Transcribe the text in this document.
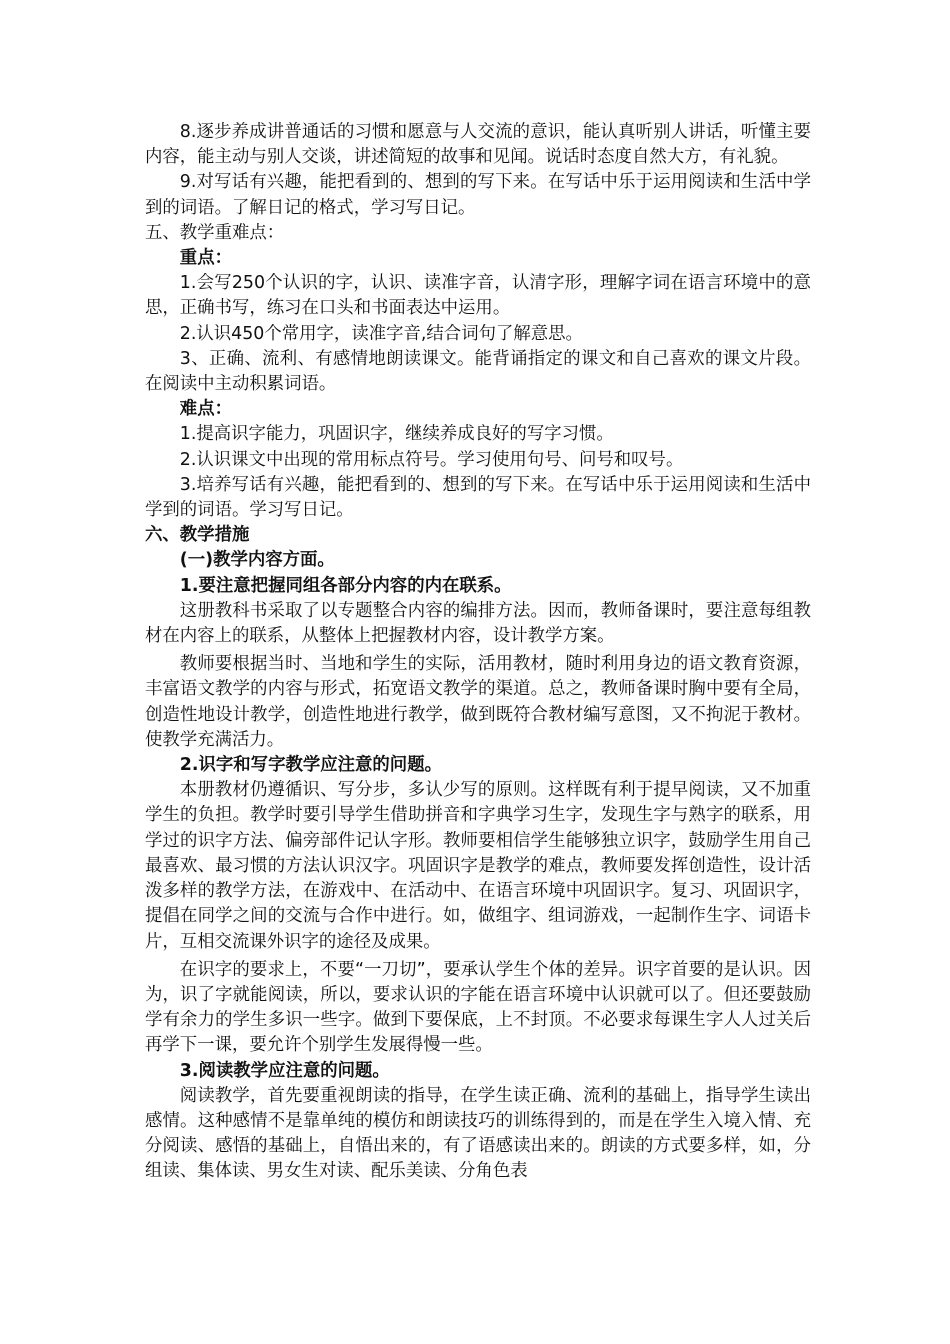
8.逐步养成讲普通话的习惯和愿意与人交流的意识，能认真听别人讲话，听懂主要内容，能主动与别人交谈，讲述简短的故事和见闻。说话时态度自然大方，有礼貌。

9.对写话有兴趣，能把看到的、想到的写下来。在写话中乐于运用阅读和生活中学到的词语。了解日记的格式，学习写日记。

五、教学重难点：

重点：

1.会写250个认识的字，认识、读准字音，认清字形，理解字词在语言环境中的意思，正确书写，练习在口头和书面表达中运用。

2.认识450个常用字，读准字音,结合词句了解意思。

3、正确、流利、有感情地朗读课文。能背诵指定的课文和自己喜欢的课文片段。在阅读中主动积累词语。

难点：

1.提高识字能力，巩固识字，继续养成良好的写字习惯。

2.认识课文中出现的常用标点符号。学习使用句号、问号和叹号。

3.培养写话有兴趣，能把看到的、想到的写下来。在写话中乐于运用阅读和生活中学到的词语。学习写日记。

六、教学措施

(一)教学内容方面。

1.要注意把握同组各部分内容的内在联系。

这册教科书采取了以专题整合内容的编排方法。因而，教师备课时，要注意每组教材在内容上的联系，从整体上把握教材内容，设计教学方案。

教师要根据当时、当地和学生的实际，活用教材，随时利用身边的语文教育资源，丰富语文教学的内容与形式，拓宽语文教学的渠道。总之，教师备课时胸中要有全局，创造性地设计教学，创造性地进行教学，做到既符合教材编写意图，又不拘泥于教材。使教学充满活力。

2.识字和写字教学应注意的问题。

本册教材仍遵循识、写分步，多认少写的原则。这样既有利于提早阅读，又不加重学生的负担。教学时要引导学生借助拼音和字典学习生字，发现生字与熟字的联系，用学过的识字方法、偏旁部件记认字形。教师要相信学生能够独立识字，鼓励学生用自己最喜欢、最习惯的方法认识汉字。巩固识字是教学的难点，教师要发挥创造性，设计活泼多样的教学方法，在游戏中、在活动中、在语言环境中巩固识字。复习、巩固识字，提倡在同学之间的交流与合作中进行。如，做组字、组词游戏，一起制作生字、词语卡片，互相交流课外识字的途径及成果。

在识字的要求上，不要“一刀切”，要承认学生个体的差异。识字首要的是认识。因为，识了字就能阅读，所以，要求认识的字能在语言环境中认识就可以了。但还要鼓励学有余力的学生多识一些字。做到下要保底，上不封顶。不必要求每课生字人人过关后再学下一课，要允许个别学生发展得慢一些。

3.阅读教学应注意的问题。

阅读教学，首先要重视朗读的指导，在学生读正确、流利的基础上，指导学生读出感情。这种感情不是靠单纯的模仿和朗读技巧的训练得到的，而是在学生入境入情、充分阅读、感悟的基础上，自悟出来的，有了语感读出来的。朗读的方式要多样，如，分组读、集体读、男女生对读、配乐美读、分角色表
